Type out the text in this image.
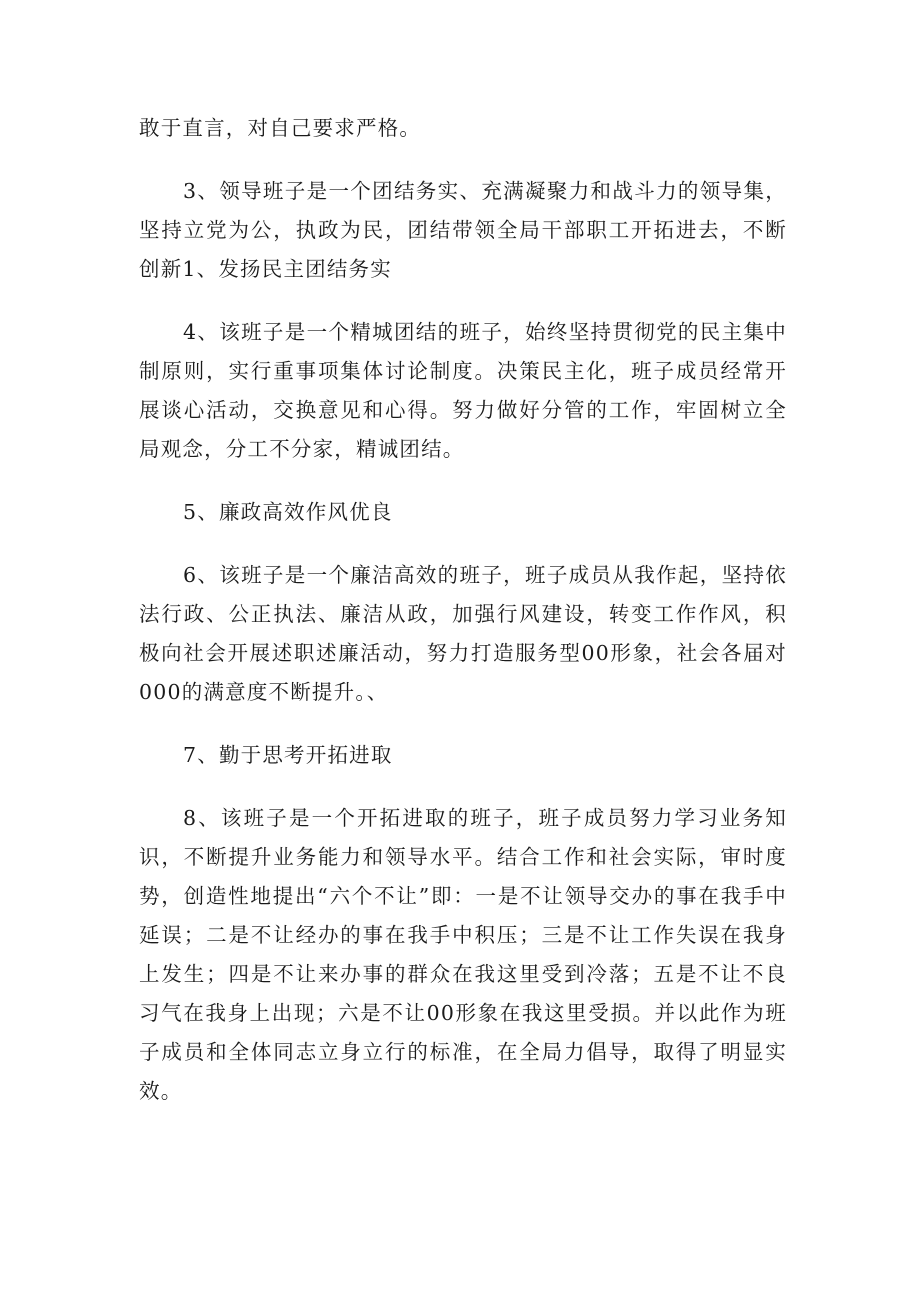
敢于直言，对自己要求严格。

3、领导班子是一个团结务实、充满凝聚力和战斗力的领导集，坚持立党为公，执政为民，团结带领全局干部职工开拓进去，不断创新1、发扬民主团结务实

4、该班子是一个精城团结的班子，始终坚持贯彻党的民主集中制原则，实行重事项集体讨论制度。决策民主化，班子成员经常开展谈心活动，交换意见和心得。努力做好分管的工作，牢固树立全局观念，分工不分家，精诚团结。

5、廉政高效作风优良

6、该班子是一个廉洁高效的班子，班子成员从我作起，坚持依法行政、公正执法、廉洁从政，加强行风建设，转变工作作风，积极向社会开展述职述廉活动，努力打造服务型00形象，社会各届对000的满意度不断提升。、

7、勤于思考开拓进取

8、该班子是一个开拓进取的班子，班子成员努力学习业务知识，不断提升业务能力和领导水平。结合工作和社会实际，审时度势，创造性地提出“六个不让”即：一是不让领导交办的事在我手中延误；二是不让经办的事在我手中积压；三是不让工作失误在我身上发生；四是不让来办事的群众在我这里受到冷落；五是不让不良习气在我身上出现；六是不让00形象在我这里受损。并以此作为班子成员和全体同志立身立行的标准，在全局力倡导，取得了明显实效。
